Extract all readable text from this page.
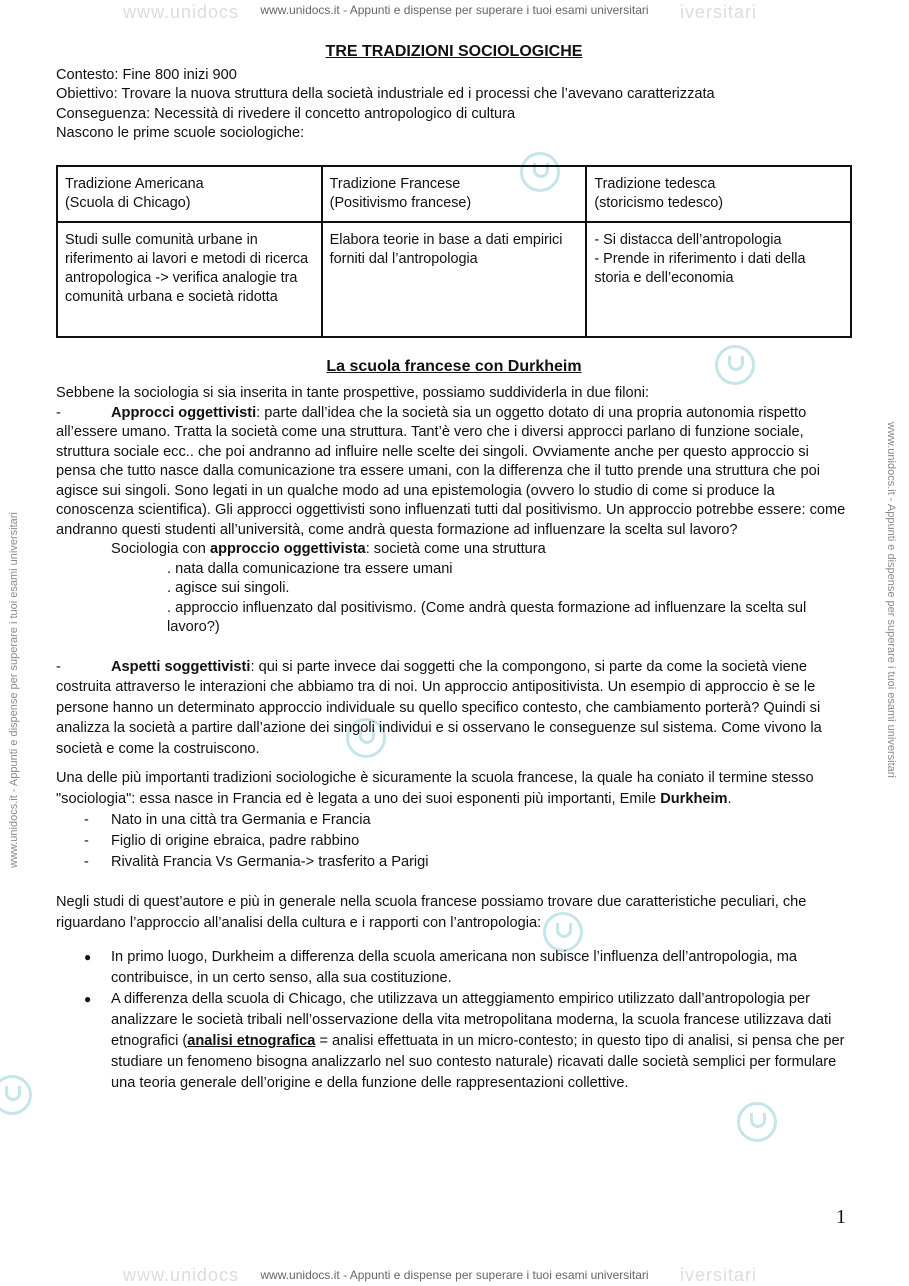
www.unidocs	iversitari
www.unidocs.it - Appunti e dispense per superare i tuoi esami universitari
www.unidocs.it - Appunti e dispense per superare i tuoi esami universitari	www.unidocs.it - Appunti e dispense per superare i tuoi esami universitari
TRE TRADIZIONI SOCIOLOGICHE

Contesto: Fine 800 inizi 900

Obiettivo: Trovare la nuova struttura della società industriale ed i processi che l’avevano caratterizzata

Conseguenza: Necessità di rivedere il concetto antropologico di cultura

Nascono le prime scuole sociologiche:

Tradizione Americana
(Scuola di Chicago)	Tradizione Francese
(Positivismo francese)	Tradizione tedesca
(storicismo tedesco)

Studi sulle comunità urbane in riferimento ai lavori e metodi di ricerca antropologica -> verifica analogie tra comunità urbana e società ridotta	Elabora teorie in base a dati empirici forniti dal l’antropologia	- Si distacca dell’antropologia
- Prende in riferimento i dati della storia e dell’economia
La scuola francese con Durkheim

Sebbene la sociologia si sia inserita in tante prospettive, possiamo suddividerla in due filoni:

-	Approcci oggettivisti: parte dall’idea che la società sia un oggetto dotato di una propria autonomia rispetto all’essere umano. Tratta la società come una struttura. Tant’è vero che i diversi approcci parlano di funzione sociale, struttura sociale ecc.. che poi andranno ad influire nelle scelte dei singoli. Ovviamente anche per questo approccio si pensa che tutto nasce dalla comunicazione tra essere umani, con la differenza che il tutto prende una struttura che poi agisce sui singoli. Sono legati in un qualche modo ad una epistemologia (ovvero lo studio di come si produce la conoscenza scientifica). Gli approcci oggettivisti sono influenzati tutti dal positivismo. Un approccio potrebbe essere: come andranno questi studenti all’università, come andrà questa formazione ad influenzare la scelta sul lavoro?

Sociologia con approccio oggettivista: società come una struttura

. nata dalla comunicazione tra essere umani

. agisce sui singoli.

. approccio influenzato dal positivismo. (Come andrà questa formazione ad influenzare la scelta sul lavoro?)

-	Aspetti soggettivisti: qui si parte invece dai soggetti che la compongono, si parte da come la società viene costruita attraverso le interazioni che abbiamo tra di noi. Un approccio antipositivista. Un esempio di approccio è se le persone hanno un determinato approccio individuale su quello specifico contesto, che cambiamento porterà? Quindi si analizza la società a partire dall’azione dei singoli individui e si osservano le conseguenze sul sistema. Come vivono la società e come la costruiscono.

Una delle più importanti tradizioni sociologiche è sicuramente la scuola francese, la quale ha coniato il termine stesso "sociologia": essa nasce in Francia ed è legata a uno dei suoi esponenti più importanti, Emile Durkheim.

- Nato in una città tra Germania e Francia
- Figlio di origine ebraica, padre rabbino
- Rivalità Francia Vs Germania-> trasferito a Parigi

Negli studi di quest’autore e più in generale nella scuola francese possiamo trovare due caratteristiche peculiari, che riguardano l’approccio all’analisi della cultura e i rapporti con l’antropologia:

● In primo luogo, Durkheim a differenza della scuola americana non subisce l’influenza dell’antropologia, ma contribuisce, in un certo senso, alla sua costituzione.
● A differenza della scuola di Chicago, che utilizzava un atteggiamento empirico utilizzato dall’antropologia per analizzare le società tribali nell’osservazione della vita metropolitana moderna, la scuola francese utilizzava dati etnografici (analisi etnografica = analisi effettuata in un micro-contesto; in questo tipo di analisi, si pensa che per studiare un fenomeno bisogna analizzarlo nel suo contesto naturale) ricavati dalle società semplici per formulare una teoria generale dell’origine e della funzione delle rappresentazioni collettive.
1
www.unidocs	iversitari
www.unidocs.it - Appunti e dispense per superare i tuoi esami universitari
